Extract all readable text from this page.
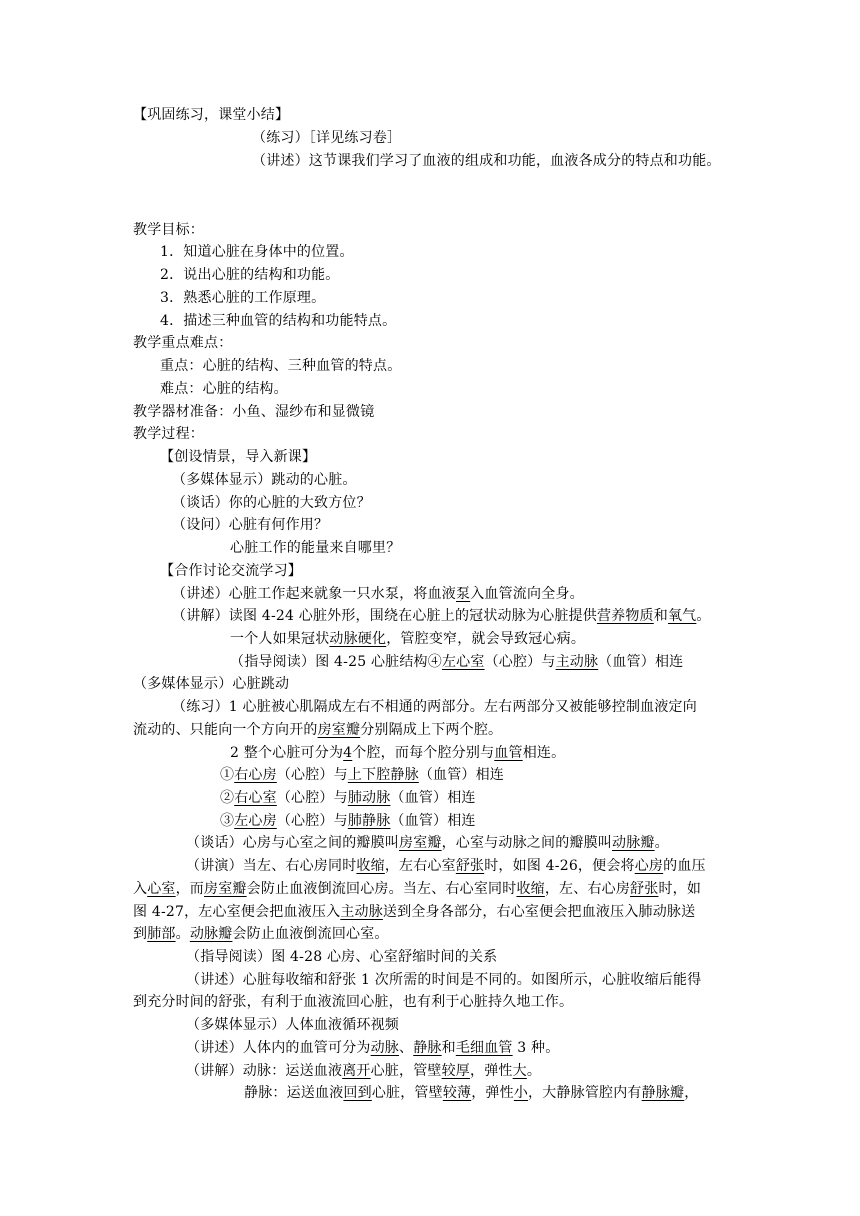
【巩固练习，课堂小结】
（练习）［详见练习卷］
（讲述）这节课我们学习了血液的组成和功能，血液各成分的特点和功能。
教学目标：
1．知道心脏在身体中的位置。
2．说出心脏的结构和功能。
3．熟悉心脏的工作原理。
4．描述三种血管的结构和功能特点。
教学重点难点：
重点：心脏的结构、三种血管的特点。
难点：心脏的结构。
教学器材准备：小鱼、湿纱布和显微镜
教学过程：
【创设情景，导入新课】
（多媒体显示）跳动的心脏。
（谈话）你的心脏的大致方位？
（设问）心脏有何作用？
心脏工作的能量来自哪里？
【合作讨论交流学习】
（讲述）心脏工作起来就象一只水泵，将血液泵入血管流向全身。
（讲解）读图 4-24 心脏外形，围绕在心脏上的冠状动脉为心脏提供营养物质和氧气。
一个人如果冠状动脉硬化，管腔变窄，就会导致冠心病。
（指导阅读）图 4-25 心脏结构④左心室（心腔）与主动脉（血管）相连
（多媒体显示）心脏跳动
（练习）1 心脏被心肌隔成左右不相通的两部分。左右两部分又被能够控制血液定向
流动的、只能向一个方向开的房室瓣分别隔成上下两个腔。
2 整个心脏可分为4个腔，而每个腔分别与血管相连。
①右心房（心腔）与上下腔静脉（血管）相连
②右心室（心腔）与肺动脉（血管）相连
③左心房（心腔）与肺静脉（血管）相连
（谈话）心房与心室之间的瓣膜叫房室瓣，心室与动脉之间的瓣膜叫动脉瓣。
（讲演）当左、右心房同时收缩，左右心室舒张时，如图 4-26，便会将心房的血压
入心室，而房室瓣会防止血液倒流回心房。当左、右心室同时收缩，左、右心房舒张时，如
图 4-27，左心室便会把血液压入主动脉送到全身各部分，右心室便会把血液压入肺动脉送
到肺部。动脉瓣会防止血液倒流回心室。
（指导阅读）图 4-28 心房、心室舒缩时间的关系
（讲述）心脏每收缩和舒张 1 次所需的时间是不同的。如图所示，心脏收缩后能得
到充分时间的舒张，有利于血液流回心脏，也有利于心脏持久地工作。
（多媒体显示）人体血液循环视频
（讲述）人体内的血管可分为动脉、静脉和毛细血管 3 种。
（讲解）动脉：运送血液离开心脏，管壁较厚，弹性大。
静脉：运送血液回到心脏，管壁较薄，弹性小，大静脉管腔内有静脉瓣，
